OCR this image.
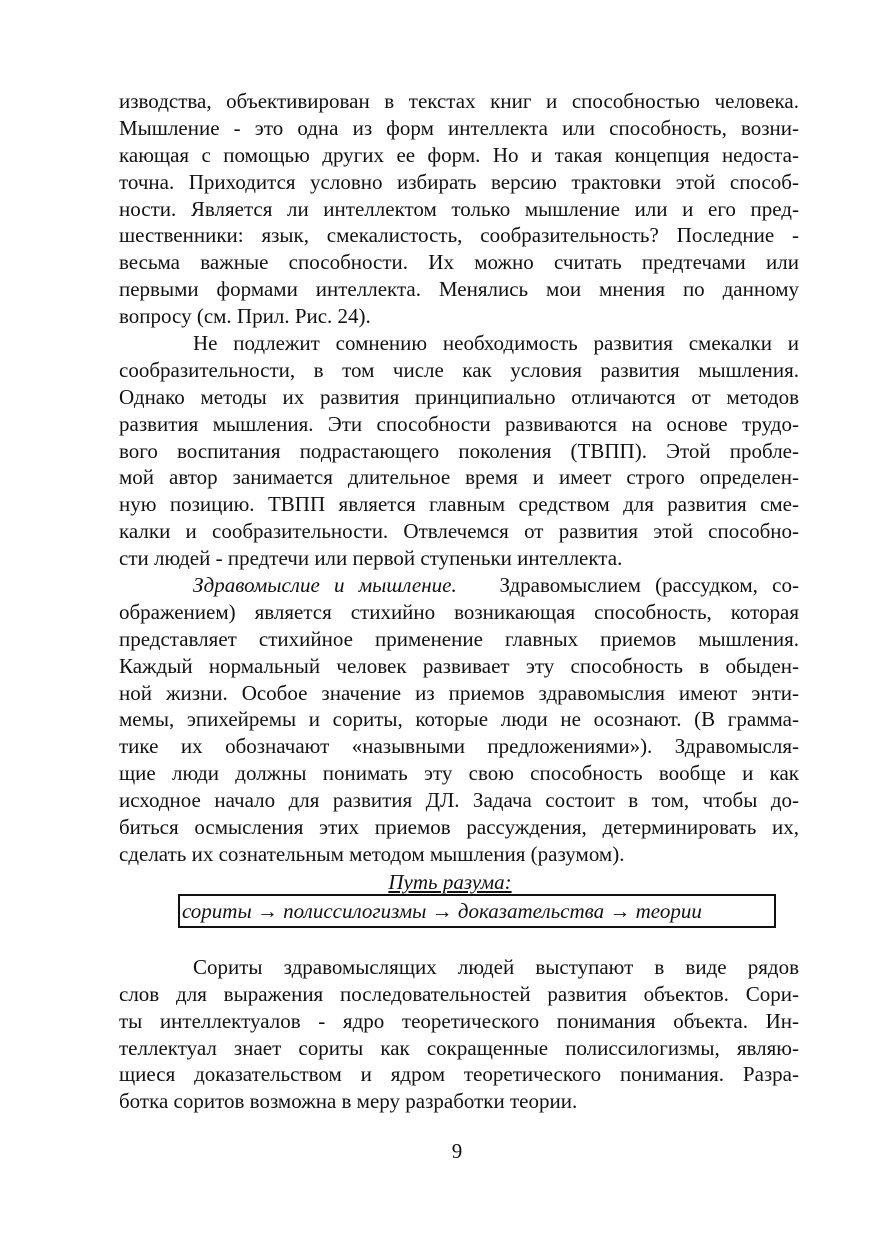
изводства, объективирован в текстах книг и способностью человека.
Мышление - это одна из форм интеллекта или способность, возни-
кающая с помощью других ее форм. Но и такая концепция недоста-
точна. Приходится условно избирать версию трактовки этой способ-
ности. Является ли интеллектом только мышление или и его пред-
шественники: язык, смекалистость, сообразительность? Последние -
весьма важные способности. Их можно считать предтечами или
первыми формами интеллекта. Менялись мои мнения по данному
вопросу (см. Прил. Рис. 24).
Не подлежит сомнению необходимость развития смекалки и
сообразительности, в том числе как условия развития мышления.
Однако методы их развития принципиально отличаются от методов
развития мышления. Эти способности развиваются на основе трудо-
вого воспитания подрастающего поколения (ТВПП). Этой пробле-
мой автор занимается длительное время и имеет строго определен-
ную позицию. ТВПП является главным средством для развития сме-
калки и сообразительности. Отвлечемся от развития этой способно-
сти людей - предтечи или первой ступеньки интеллекта.
Здравомыслие и мышление. Здравомыслием (рассудком, со-
ображением) является стихийно возникающая способность, которая
представляет стихийное применение главных приемов мышления.
Каждый нормальный человек развивает эту способность в обыден-
ной жизни. Особое значение из приемов здравомыслия имеют энти-
мемы, эпихейремы и сориты, которые люди не осознают. (В грамма-
тике их обозначают «назывными предложениями»). Здравомысля-
щие люди должны понимать эту свою способность вообще и как
исходное начало для развития ДЛ. Задача состоит в том, чтобы до-
биться осмысления этих приемов рассуждения, детерминировать их,
сделать их сознательным методом мышления (разумом).
Путь разума:
сориты → полиссилогизмы → доказательства → теории
Сориты здравомыслящих людей выступают в виде рядов
слов для выражения последовательностей развития объектов. Сори-
ты интеллектуалов - ядро теоретического понимания объекта. Ин-
теллектуал знает сориты как сокращенные полиссилогизмы, являю-
щиеся доказательством и ядром теоретического понимания. Разра-
ботка соритов возможна в меру разработки теории.
9
